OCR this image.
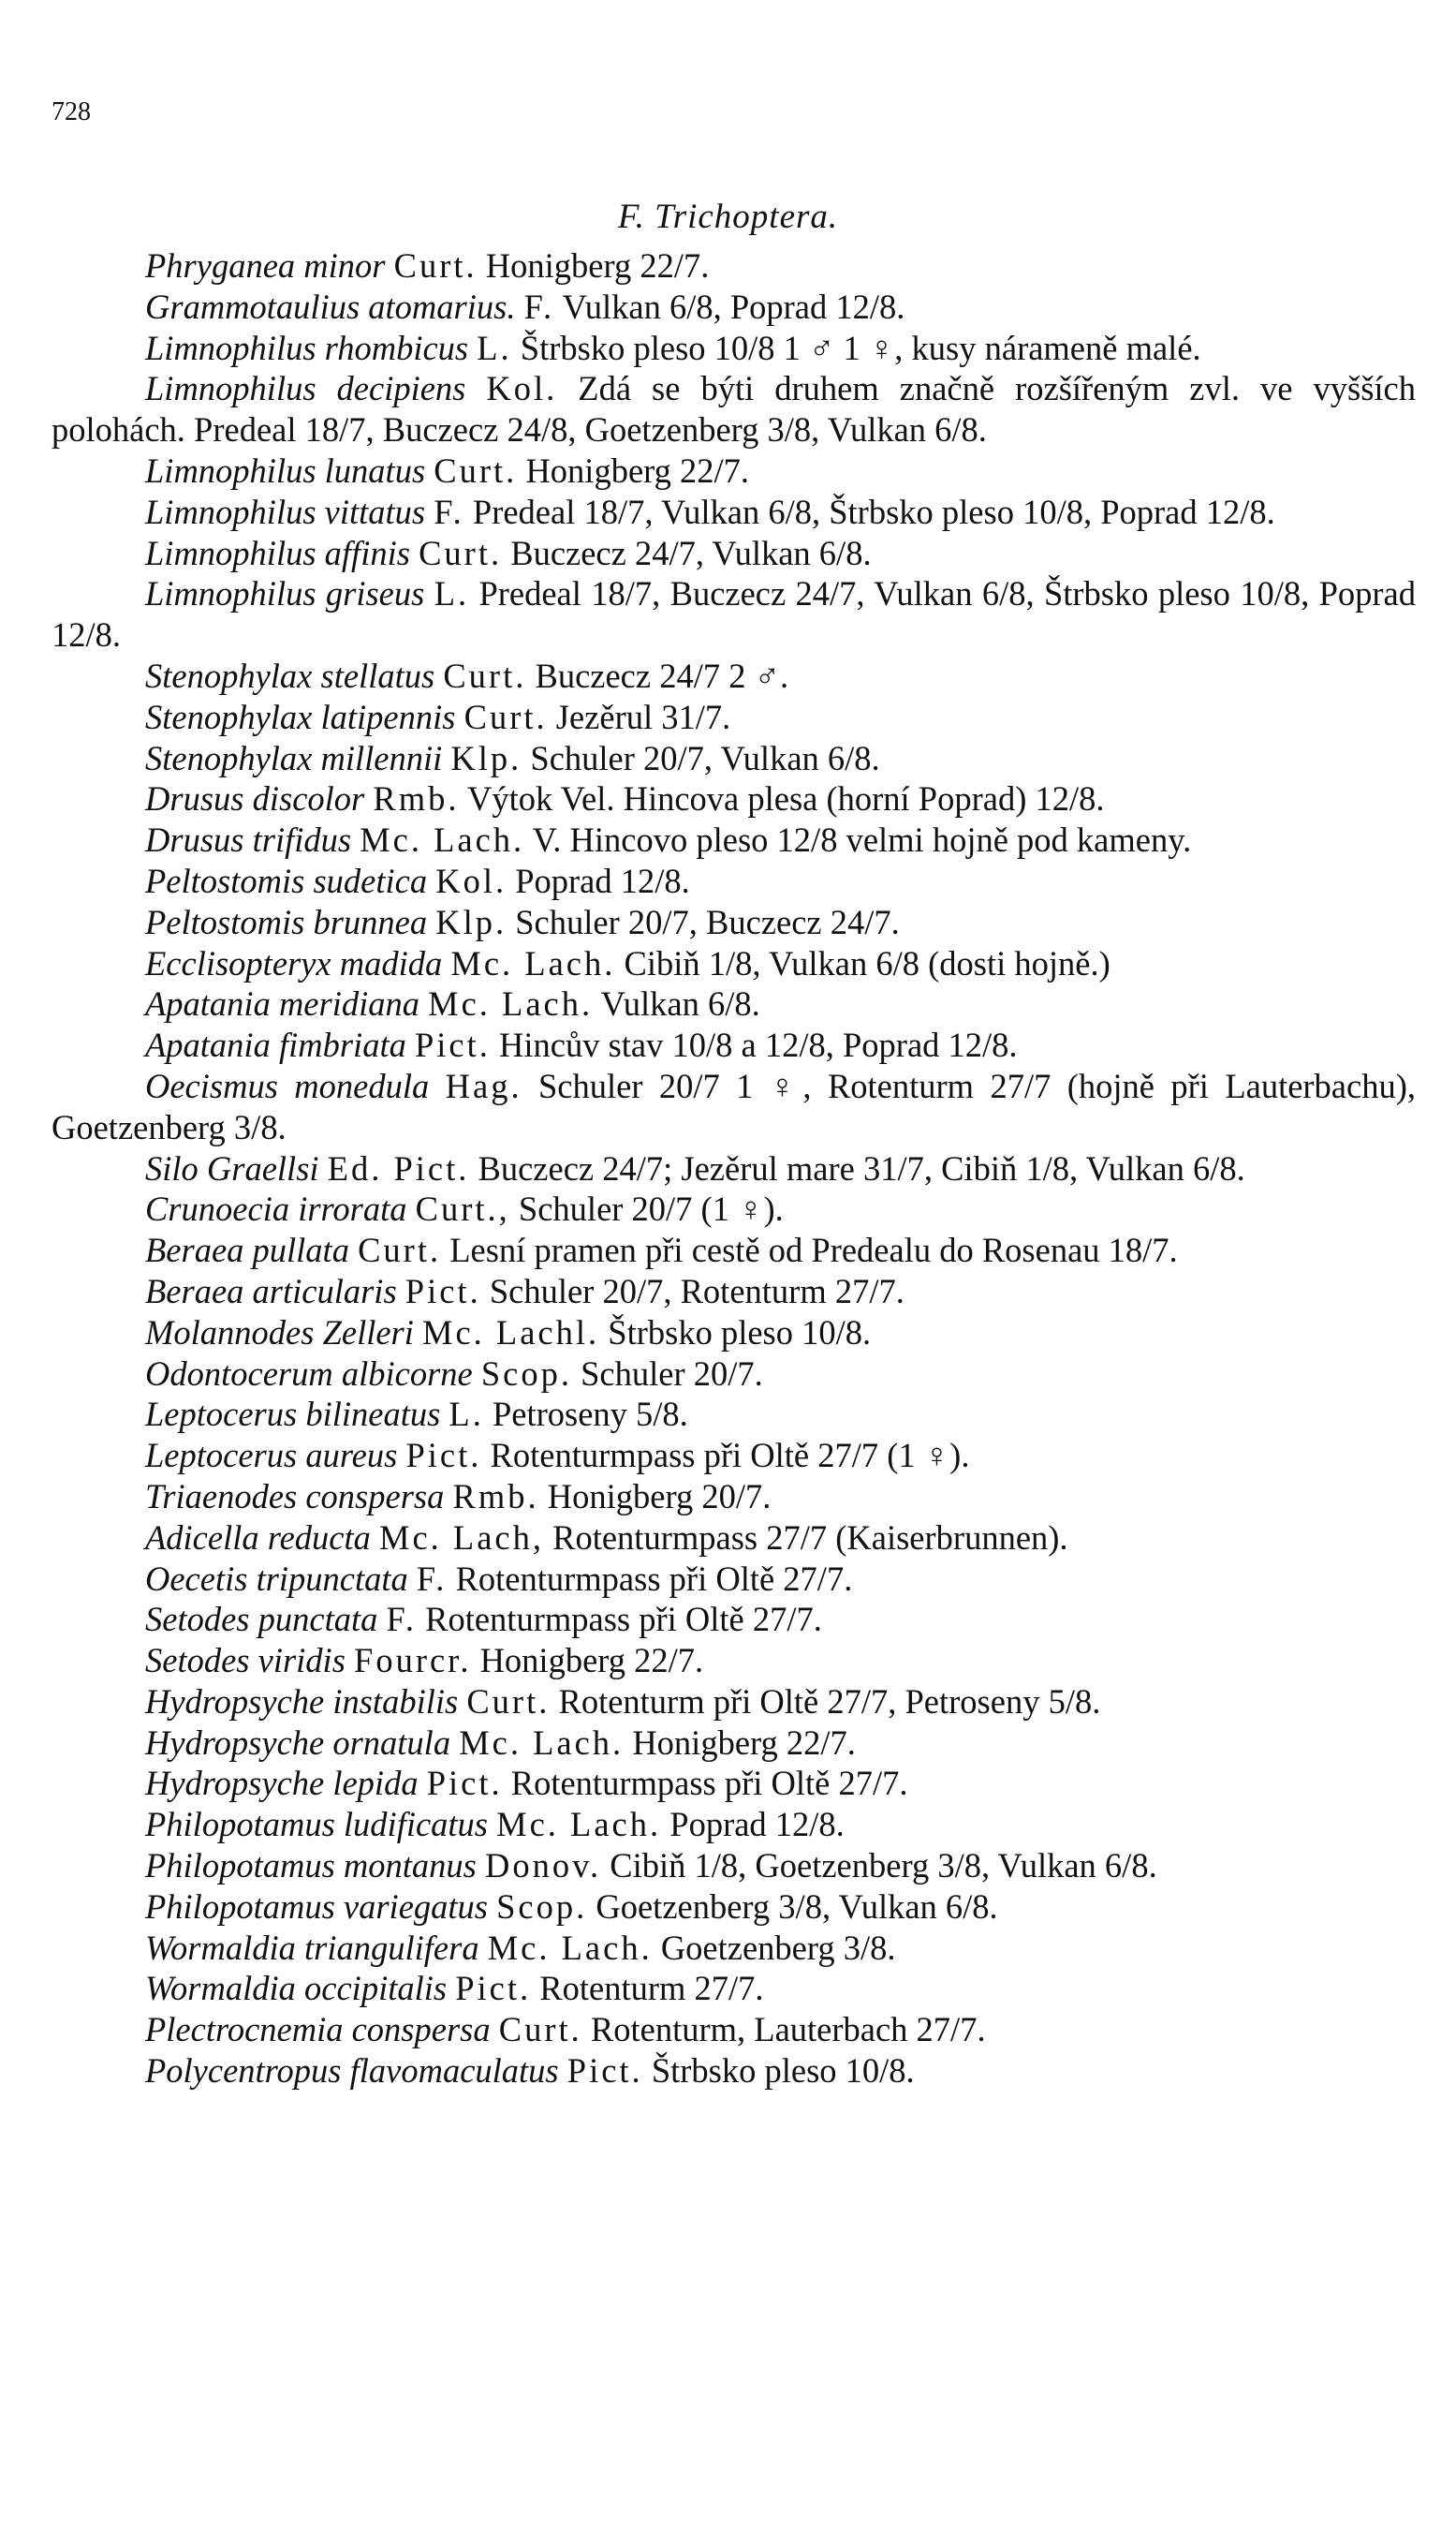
728
F. Trichoptera.

Phryganea minor Curt. Honigberg 22/7.

Grammotaulius atomarius. F. Vulkan 6/8, Poprad 12/8.

Limnophilus rhombicus L. Štrbsko pleso 10/8 1 ♂ 1 ♀, kusy nárameně malé.

Limnophilus decipiens Kol. Zdá se býti druhem značně rozšířeným zvl. ve vyšších polohách. Predeal 18/7, Buczecz 24/8, Goetzenberg 3/8, Vulkan 6/8.

Limnophilus lunatus Curt. Honigberg 22/7.

Limnophilus vittatus F. Predeal 18/7, Vulkan 6/8, Štrbsko pleso 10/8, Poprad 12/8.

Limnophilus affinis Curt. Buczecz 24/7, Vulkan 6/8.

Limnophilus griseus L. Predeal 18/7, Buczecz 24/7, Vulkan 6/8, Štrbsko pleso 10/8, Poprad 12/8.

Stenophylax stellatus Curt. Buczecz 24/7 2 ♂.

Stenophylax latipennis Curt. Jezěrul 31/7.

Stenophylax millennii Klp. Schuler 20/7, Vulkan 6/8.

Drusus discolor Rmb. Výtok Vel. Hincova plesa (horní Poprad) 12/8.

Drusus trifidus Mc. Lach. V. Hincovo pleso 12/8 velmi hojně pod kameny.

Peltostomis sudetica Kol. Poprad 12/8.

Peltostomis brunnea Klp. Schuler 20/7, Buczecz 24/7.

Ecclisopteryx madida Mc. Lach. Cibiň 1/8, Vulkan 6/8 (dosti hojně.)

Apatania meridiana Mc. Lach. Vulkan 6/8.

Apatania fimbriata Pict. Hincův stav 10/8 a 12/8, Poprad 12/8.

Oecismus monedula Hag. Schuler 20/7 1 ♀, Rotenturm 27/7 (hojně při Lauterbachu), Goetzenberg 3/8.

Silo Graellsi Ed. Pict. Buczecz 24/7; Jezěrul mare 31/7, Cibiň 1/8, Vulkan 6/8.

Crunoecia irrorata Curt., Schuler 20/7 (1 ♀).

Beraea pullata Curt. Lesní pramen při cestě od Predealu do Rosenau 18/7.

Beraea articularis Pict. Schuler 20/7, Rotenturm 27/7.

Molannodes Zelleri Mc. Lachl. Štrbsko pleso 10/8.

Odontocerum albicorne Scop. Schuler 20/7.

Leptocerus bilineatus L. Petroseny 5/8.

Leptocerus aureus Pict. Rotenturmpass při Oltě 27/7 (1 ♀).

Triaenodes conspersa Rmb. Honigberg 20/7.

Adicella reducta Mc. Lach, Rotenturmpass 27/7 (Kaiserbrunnen).

Oecetis tripunctata F. Rotenturmpass při Oltě 27/7.

Setodes punctata F. Rotenturmpass při Oltě 27/7.

Setodes viridis Fourcr. Honigberg 22/7.

Hydropsyche instabilis Curt. Rotenturm při Oltě 27/7, Petroseny 5/8.

Hydropsyche ornatula Mc. Lach. Honigberg 22/7.

Hydropsyche lepida Pict. Rotenturmpass při Oltě 27/7.

Philopotamus ludificatus Mc. Lach. Poprad 12/8.

Philopotamus montanus Donov. Cibiň 1/8, Goetzenberg 3/8, Vulkan 6/8.

Philopotamus variegatus Scop. Goetzenberg 3/8, Vulkan 6/8.

Wormaldia triangulifera Mc. Lach. Goetzenberg 3/8.

Wormaldia occipitalis Pict. Rotenturm 27/7.

Plectrocnemia conspersa Curt. Rotenturm, Lauterbach 27/7.

Polycentropus flavomaculatus Pict. Štrbsko pleso 10/8.
